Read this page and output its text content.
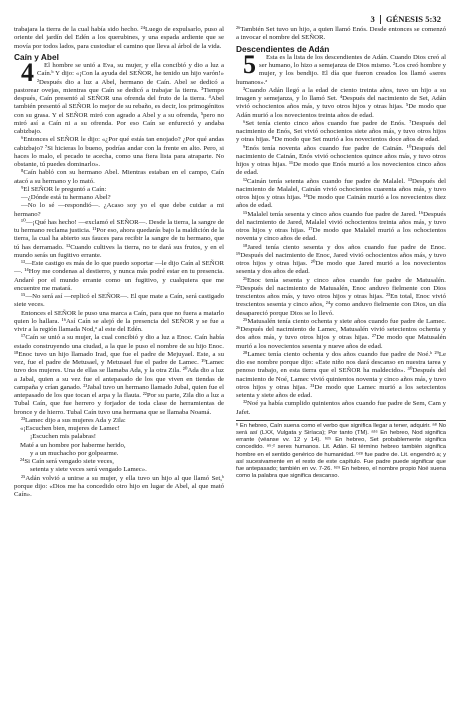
3 GÉNESIS 5:32

trabajara la tierra de la cual había sido hecho. ²⁴Luego de expulsarlo, puso al oriente del jardín del Edén a los querubines, y una espada ardiente que se movía por todos lados, para custodiar el camino que lleva al árbol de la vida.

Caín y Abel

4 El hombre se unió a Eva, su mujer, y ella concibió y dio a luz a Caín.ᵇ Y dijo: «¡Con la ayuda del SEÑOR, he tenido un hijo varón!» ²Después dio a luz a Abel, hermano de Caín. Abel se dedicó a pastorear ovejas, mientras que Caín se dedicó a trabajar la tierra. ³Tiempo después, Caín presentó al SEÑOR una ofrenda del fruto de la tierra. ⁴Abel también presentó al SEÑOR lo mejor de su rebaño, es decir, los primogénitos con su grasa. Y el SEÑOR miró con agrado a Abel y a su ofrenda, ⁵pero no miró así a Caín ni a su ofrenda. Por eso Caín se enfureció y andaba cabizbajo.

⁶Entonces el SEÑOR le dijo: «¿Por qué estás tan enojado? ¿Por qué andas cabizbajo? ⁷Si hicieras lo bueno, podrías andar con la frente en alto. Pero, si haces lo malo, el pecado te acecha, como una fiera lista para atraparte. No obstante, tú puedes dominarlo».

⁸Caín habló con su hermano Abel. Mientras estaban en el campo, Caín atacó a su hermano y lo mató.

⁹El SEÑOR le preguntó a Caín:

—¿Dónde está tu hermano Abel?

—No lo sé —respondió—. ¿Acaso soy yo el que debe cuidar a mi hermano?

¹⁰—¡Qué has hecho! —exclamó el SEÑOR—. Desde la tierra, la sangre de tu hermano reclama justicia. ¹¹Por eso, ahora quedarás bajo la maldición de la tierra, la cual ha abierto sus fauces para recibir la sangre de tu hermano, que tú has derramado. ¹²Cuando cultives la tierra, no te dará sus frutos, y en el mundo serás un fugitivo errante.

¹³—Este castigo es más de lo que puedo soportar —le dijo Caín al SEÑOR—. ¹⁴Hoy me condenas al destierro, y nunca más podré estar en tu presencia. Andaré por el mundo errante como un fugitivo, y cualquiera que me encuentre me matará.

¹⁵—No será así —replicó el SEÑOR—. El que mate a Caín, será castigado siete veces.

Entonces el SEÑOR le puso una marca a Caín, para que no fuera a matarlo quien lo hallara. ¹⁶Así Caín se alejó de la presencia del SEÑOR y se fue a vivir a la región llamada Nod,ᵃ al este del Edén.

¹⁷Caín se unió a su mujer, la cual concibió y dio a luz a Enoc. Caín había estado construyendo una ciudad, a la que le puso el nombre de su hijo Enoc. ¹⁸Enoc tuvo un hijo llamado Irad, que fue el padre de Mejuyael. Este, a su vez, fue el padre de Metusael, y Metusael fue el padre de Lamec. ¹⁹Lamec tuvo dos mujeres. Una de ellas se llamaba Ada, y la otra Zila. ²⁰Ada dio a luz a Jabal, quien a su vez fue el antepasado de los que viven en tiendas de campaña y crían ganado. ²¹Jabal tuvo un hermano llamado Jubal, quien fue el antepasado de los que tocan el arpa y la flauta. ²²Por su parte, Zila dio a luz a Tubal Caín, que fue herrero y forjador de toda clase de herramientas de bronce y de hierro. Tubal Caín tuvo una hermana que se llamaba Noamá.

²³Lamec dijo a sus mujeres Ada y Zila:

«¡Escuchen bien, mujeres de Lamec!
¡Escuchen mis palabras!
Maté a un hombre por haberme herido,
y a un muchacho por golpearme.
²⁴Si Caín será vengado siete veces,
setenta y siete veces será vengado Lamec».

²⁵Adán volvió a unirse a su mujer, y ella tuvo un hijo al que llamó Set,ᵇ porque dijo: «Dios me ha concedido otro hijo en lugar de Abel, al que mató Caín».

²⁶También Set tuvo un hijo, a quien llamó Enós. Desde entonces se comenzó a invocar el nombre del SEÑOR.

Descendientes de Adán

5 Esta es la lista de los descendientes de Adán. Cuando Dios creó al ser humano, lo hizo a semejanza de Dios mismo. ²Los creó hombre y mujer, y los bendijo. El día que fueron creados los llamó «seres humanos».ᵃ

³Cuando Adán llegó a la edad de ciento treinta años, tuvo un hijo a su imagen y semejanza, y lo llamó Set. ⁴Después del nacimiento de Set, Adán vivió ochocientos años más, y tuvo otros hijos y otras hijas. ⁵De modo que Adán murió a los novecientos treinta años de edad.

⁶Set tenía ciento cinco años cuando fue padre de Enós. ⁷Después del nacimiento de Enós, Set vivió ochocientos siete años más, y tuvo otros hijos y otras hijas. ⁸De modo que Set murió a los novecientos doce años de edad.

⁹Enós tenía noventa años cuando fue padre de Cainán. ¹⁰Después del nacimiento de Cainán, Enós vivió ochocientos quince años más, y tuvo otros hijos y otras hijas. ¹¹De modo que Enós murió a los novecientos cinco años de edad.

¹²Cainán tenía setenta años cuando fue padre de Malalel. ¹³Después del nacimiento de Malalel, Cainán vivió ochocientos cuarenta años más, y tuvo otros hijos y otras hijas. ¹⁴De modo que Cainán murió a los novecientos diez años de edad.

¹⁵Malalel tenía sesenta y cinco años cuando fue padre de Jared. ¹⁶Después del nacimiento de Jared, Malalel vivió ochocientos treinta años más, y tuvo otros hijos y otras hijas. ¹⁷De modo que Malalel murió a los ochocientos noventa y cinco años de edad.

¹⁸Jared tenía ciento sesenta y dos años cuando fue padre de Enoc. ¹⁹Después del nacimiento de Enoc, Jared vivió ochocientos años más, y tuvo otros hijos y otras hijas. ²⁰De modo que Jared murió a los novecientos sesenta y dos años de edad.

²¹Enoc tenía sesenta y cinco años cuando fue padre de Matusalén. ²²Después del nacimiento de Matusalén, Enoc anduvo fielmente con Dios trescientos años más, y tuvo otros hijos y otras hijas. ²³En total, Enoc vivió trescientos sesenta y cinco años, ²⁴y como anduvo fielmente con Dios, un día desapareció porque Dios se lo llevó.

²⁵Matusalén tenía ciento ochenta y siete años cuando fue padre de Lamec. ²⁶Después del nacimiento de Lamec, Matusalén vivió setecientos ochenta y dos años más, y tuvo otros hijos y otras hijas. ²⁷De modo que Matusalén murió a los novecientos sesenta y nueve años de edad.

²⁸Lamec tenía ciento ochenta y dos años cuando fue padre de Noé.ᵇ ²⁹Le dio ese nombre porque dijo: «Este niño nos dará descanso en nuestra tarea y penoso trabajo, en esta tierra que el SEÑOR ha maldecido». ³⁰Después del nacimiento de Noé, Lamec vivió quinientos noventa y cinco años más, y tuvo otros hijos y otras hijas. ³¹De modo que Lamec murió a los setecientos setenta y siete años de edad.

³²Noé ya había cumplido quinientos años cuando fue padre de Sem, Cam y Jafet.

ᵇ En hebreo, Caín suena como el verbo que significa llegar a tener, adquirir. ᵃ⁸ No será así (LXX, Vulgata y Siríaca); Por tanto (TM). ᵃ¹⁶ En hebreo, Nod significa errante (véanse vv. 12 y 14). ᵇ²⁵ En hebreo, Set probablemente significa concedido. ᵃ⁵:² seres humanos. Lit. Adán. El término hebreo también significa hombre en el sentido genérico de humanidad. ᵇ²⁸ fue padre de. Lit. engendró a; y así sucesivamente en el resto de este capítulo. Fue padre puede significar que fue antepasado; también en vv. 7-26. ᵇ²⁹ En hebreo, el nombre propio Noé suena como la palabra que significa descanso.
